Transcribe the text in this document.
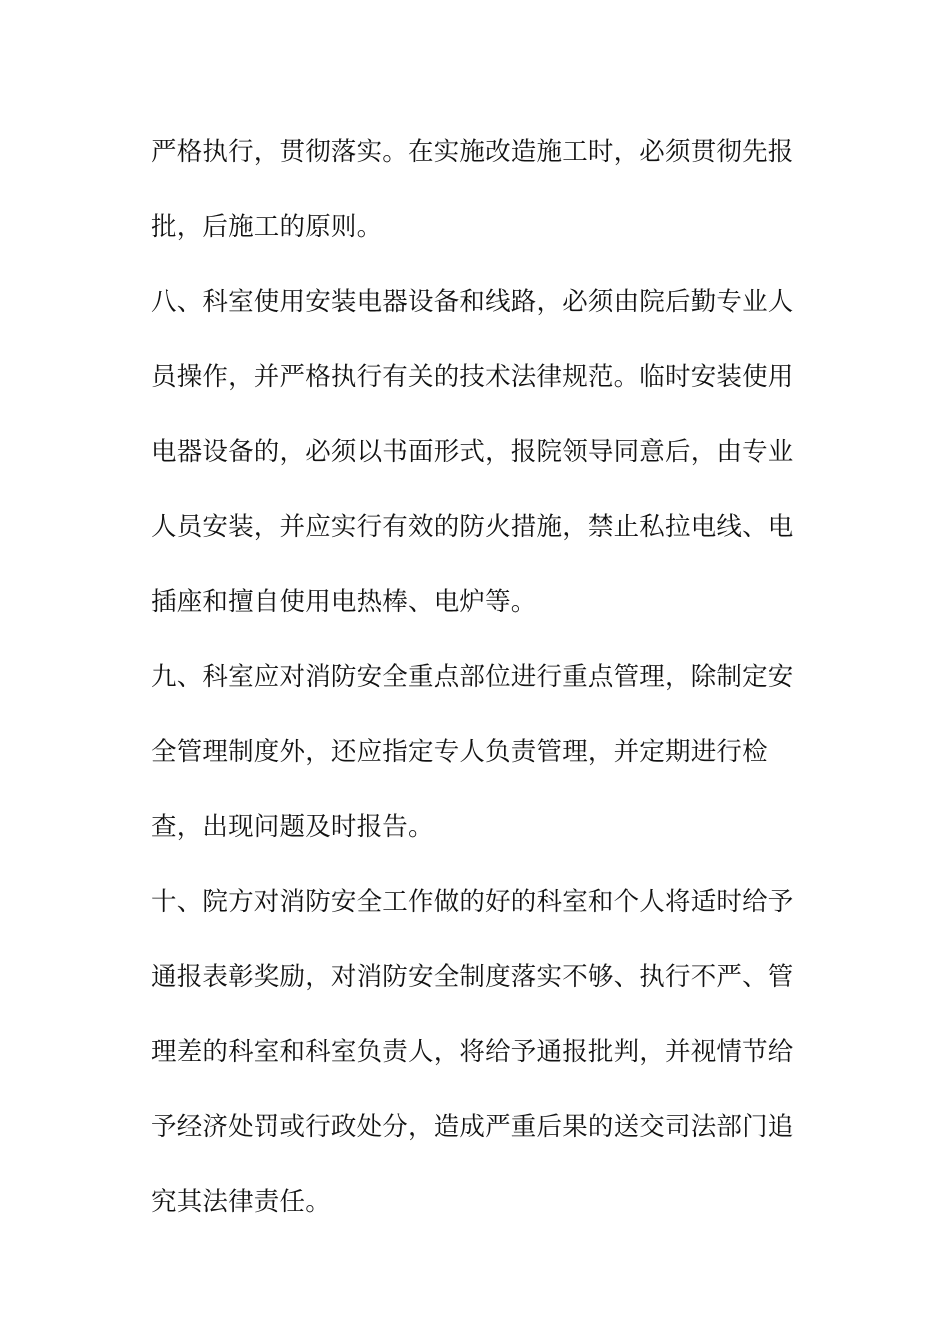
严格执行，贯彻落实。在实施改造施工时，必须贯彻先报
批，后施工的原则。
八、科室使用安装电器设备和线路，必须由院后勤专业人
员操作，并严格执行有关的技术法律规范。临时安装使用
电器设备的，必须以书面形式，报院领导同意后，由专业
人员安装，并应实行有效的防火措施，禁止私拉电线、电
插座和擅自使用电热棒、电炉等。
九、科室应对消防安全重点部位进行重点管理，除制定安
全管理制度外，还应指定专人负责管理，并定期进行检
查，出现问题及时报告。
十、院方对消防安全工作做的好的科室和个人将适时给予
通报表彰奖励，对消防安全制度落实不够、执行不严、管
理差的科室和科室负责人，将给予通报批判，并视情节给
予经济处罚或行政处分，造成严重后果的送交司法部门追
究其法律责任。
